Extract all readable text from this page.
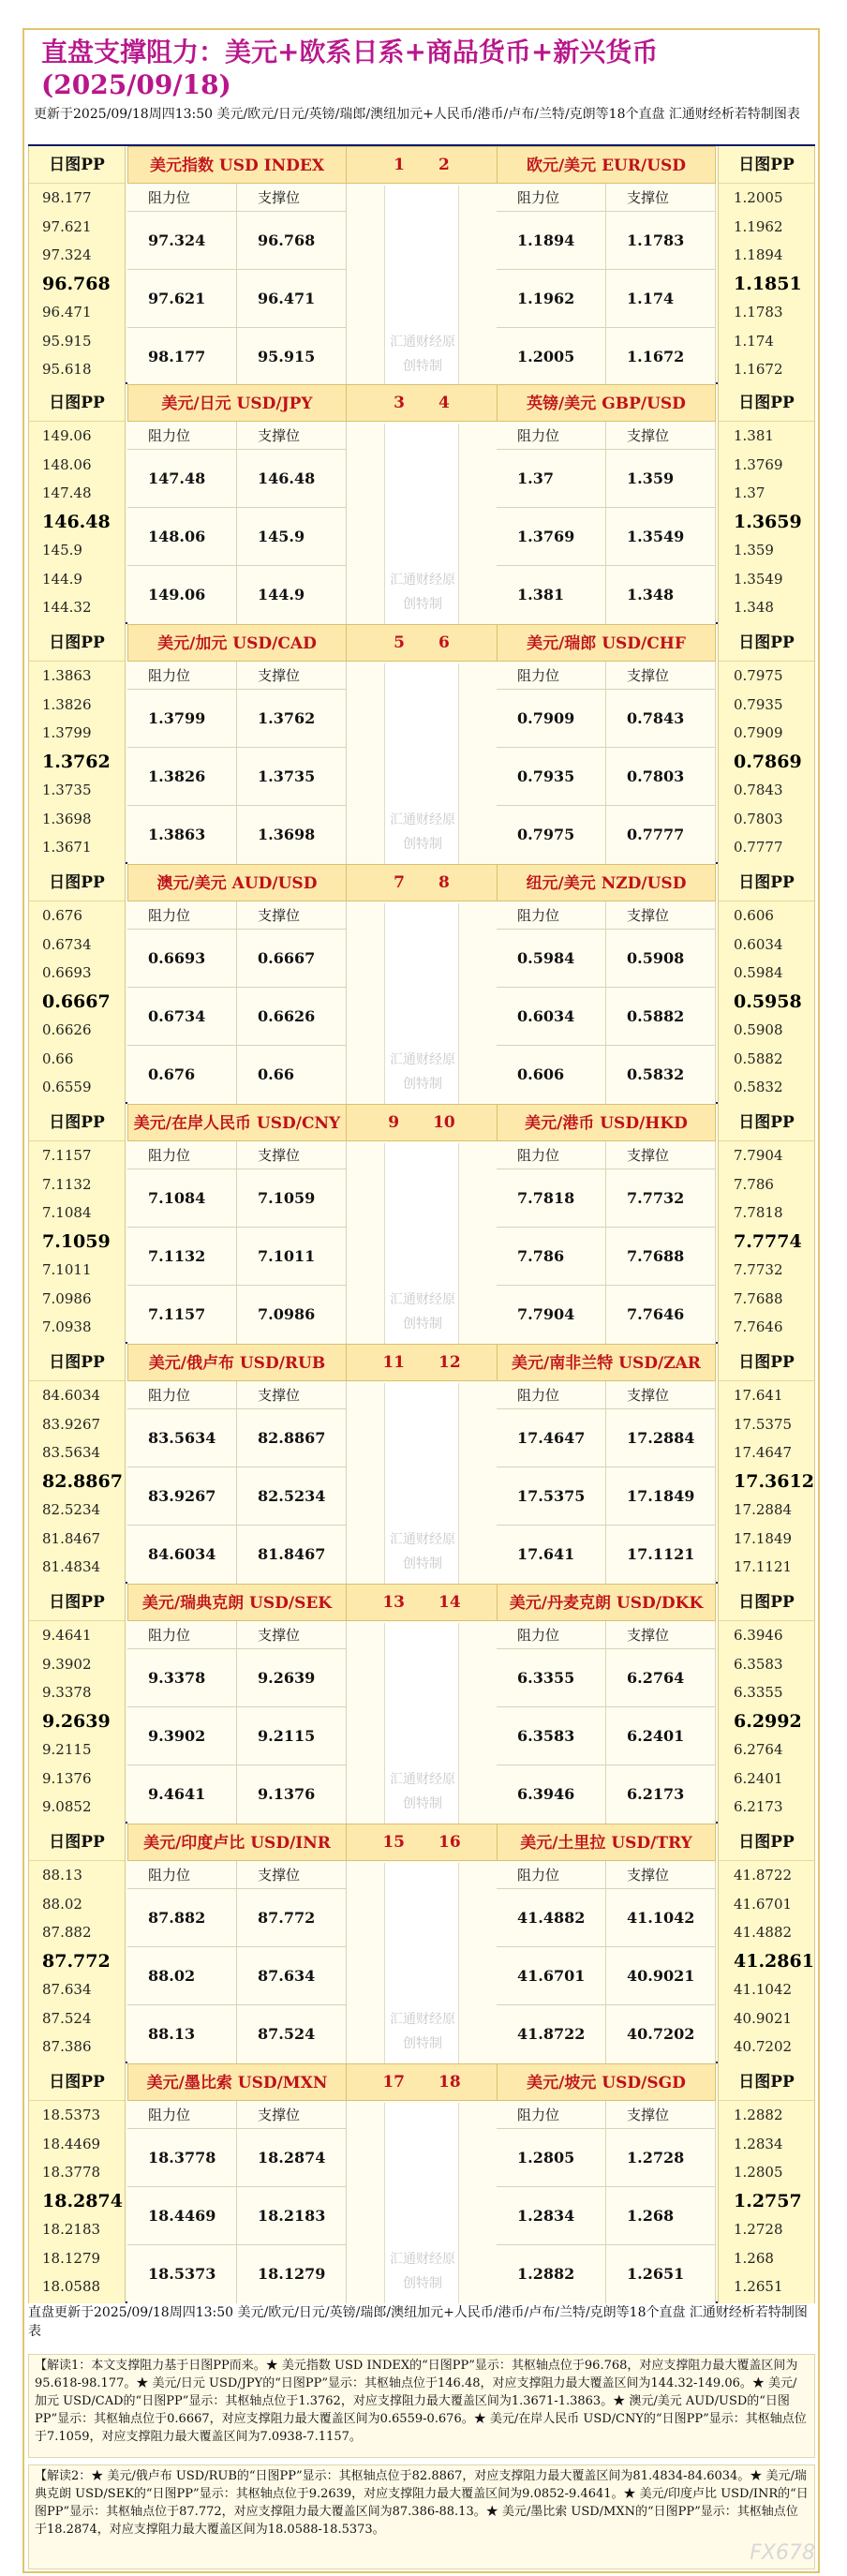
直盘支撑阻力：美元+欧系日系+商品货币+新兴货币(2025/09/18)
更新于2025/09/18周四13:50 美元/欧元/日元/英镑/瑞郎/澳纽加元+人民币/港币/卢布/兰特/克朗等18个直盘 汇通财经析若特制图表
日图PP
98.177
97.621
97.324
96.768
96.471
95.915
95.618
美元指数 USD INDEX
阻力位	支撑位
97.324	96.768
97.621	96.471
98.177	95.915
日图PP
1.2005
1.1962
1.1894
1.1851
1.1783
1.174
1.1672
欧元/美元 EUR/USD
阻力位	支撑位
1.1894	1.1783
1.1962	1.174
1.2005	1.1672
1 2
汇通财经原创特制
日图PP
149.06
148.06
147.48
146.48
145.9
144.9
144.32
美元/日元 USD/JPY
阻力位	支撑位
147.48	146.48
148.06	145.9
149.06	144.9
日图PP
1.381
1.3769
1.37
1.3659
1.359
1.3549
1.348
英镑/美元 GBP/USD
阻力位	支撑位
1.37	1.359
1.3769	1.3549
1.381	1.348
3 4
汇通财经原创特制
日图PP
1.3863
1.3826
1.3799
1.3762
1.3735
1.3698
1.3671
美元/加元 USD/CAD
阻力位	支撑位
1.3799	1.3762
1.3826	1.3735
1.3863	1.3698
日图PP
0.7975
0.7935
0.7909
0.7869
0.7843
0.7803
0.7777
美元/瑞郎 USD/CHF
阻力位	支撑位
0.7909	0.7843
0.7935	0.7803
0.7975	0.7777
5 6
汇通财经原创特制
日图PP
0.676
0.6734
0.6693
0.6667
0.6626
0.66
0.6559
澳元/美元 AUD/USD
阻力位	支撑位
0.6693	0.6667
0.6734	0.6626
0.676	0.66
日图PP
0.606
0.6034
0.5984
0.5958
0.5908
0.5882
0.5832
纽元/美元 NZD/USD
阻力位	支撑位
0.5984	0.5908
0.6034	0.5882
0.606	0.5832
7 8
汇通财经原创特制
日图PP
7.1157
7.1132
7.1084
7.1059
7.1011
7.0986
7.0938
美元/在岸人民币 USD/CNY
阻力位	支撑位
7.1084	7.1059
7.1132	7.1011
7.1157	7.0986
日图PP
7.7904
7.786
7.7818
7.7774
7.7732
7.7688
7.7646
美元/港币 USD/HKD
阻力位	支撑位
7.7818	7.7732
7.786	7.7688
7.7904	7.7646
9 10
汇通财经原创特制
日图PP
84.6034
83.9267
83.5634
82.8867
82.5234
81.8467
81.4834
美元/俄卢布 USD/RUB
阻力位	支撑位
83.5634	82.8867
83.9267	82.5234
84.6034	81.8467
日图PP
17.641
17.5375
17.4647
17.3612
17.2884
17.1849
17.1121
美元/南非兰特 USD/ZAR
阻力位	支撑位
17.4647	17.2884
17.5375	17.1849
17.641	17.1121
11 12
汇通财经原创特制
日图PP
9.4641
9.3902
9.3378
9.2639
9.2115
9.1376
9.0852
美元/瑞典克朗 USD/SEK
阻力位	支撑位
9.3378	9.2639
9.3902	9.2115
9.4641	9.1376
日图PP
6.3946
6.3583
6.3355
6.2992
6.2764
6.2401
6.2173
美元/丹麦克朗 USD/DKK
阻力位	支撑位
6.3355	6.2764
6.3583	6.2401
6.3946	6.2173
13 14
汇通财经原创特制
日图PP
88.13
88.02
87.882
87.772
87.634
87.524
87.386
美元/印度卢比 USD/INR
阻力位	支撑位
87.882	87.772
88.02	87.634
88.13	87.524
日图PP
41.8722
41.6701
41.4882
41.2861
41.1042
40.9021
40.7202
美元/土里拉 USD/TRY
阻力位	支撑位
41.4882	41.1042
41.6701	40.9021
41.8722	40.7202
15 16
汇通财经原创特制
日图PP
18.5373
18.4469
18.3778
18.2874
18.2183
18.1279
18.0588
美元/墨比索 USD/MXN
阻力位	支撑位
18.3778	18.2874
18.4469	18.2183
18.5373	18.1279
日图PP
1.2882
1.2834
1.2805
1.2757
1.2728
1.268
1.2651
美元/坡元 USD/SGD
阻力位	支撑位
1.2805	1.2728
1.2834	1.268
1.2882	1.2651
17 18
汇通财经原创特制
直盘更新于2025/09/18周四13:50 美元/欧元/日元/英镑/瑞郎/澳纽加元+人民币/港币/卢布/兰特/克朗等18个直盘 汇通财经析若特制图表
【解读1：本文支撑阻力基于日图PP而来。★ 美元指数 USD INDEX的“日图PP”显示：其枢轴点位于96.768，对应支撑阻力最大覆盖区间为95.618-98.177。★ 美元/日元 USD/JPY的“日图PP”显示：其枢轴点位于146.48，对应支撑阻力最大覆盖区间为144.32-149.06。★ 美元/加元 USD/CAD的“日图PP”显示：其枢轴点位于1.3762，对应支撑阻力最大覆盖区间为1.3671-1.3863。★ 澳元/美元 AUD/USD的“日图PP”显示：其枢轴点位于0.6667，对应支撑阻力最大覆盖区间为0.6559-0.676。★ 美元/在岸人民币 USD/CNY的“日图PP”显示：其枢轴点位于7.1059，对应支撑阻力最大覆盖区间为7.0938-7.1157。
【解读2：★ 美元/俄卢布 USD/RUB的“日图PP”显示：其枢轴点位于82.8867，对应支撑阻力最大覆盖区间为81.4834-84.6034。★ 美元/瑞典克朗 USD/SEK的“日图PP”显示：其枢轴点位于9.2639，对应支撑阻力最大覆盖区间为9.0852-9.4641。★ 美元/印度卢比 USD/INR的“日图PP”显示：其枢轴点位于87.772，对应支撑阻力最大覆盖区间为87.386-88.13。★ 美元/墨比索 USD/MXN的“日图PP”显示：其枢轴点位于18.2874，对应支撑阻力最大覆盖区间为18.0588-18.5373。
FX678
